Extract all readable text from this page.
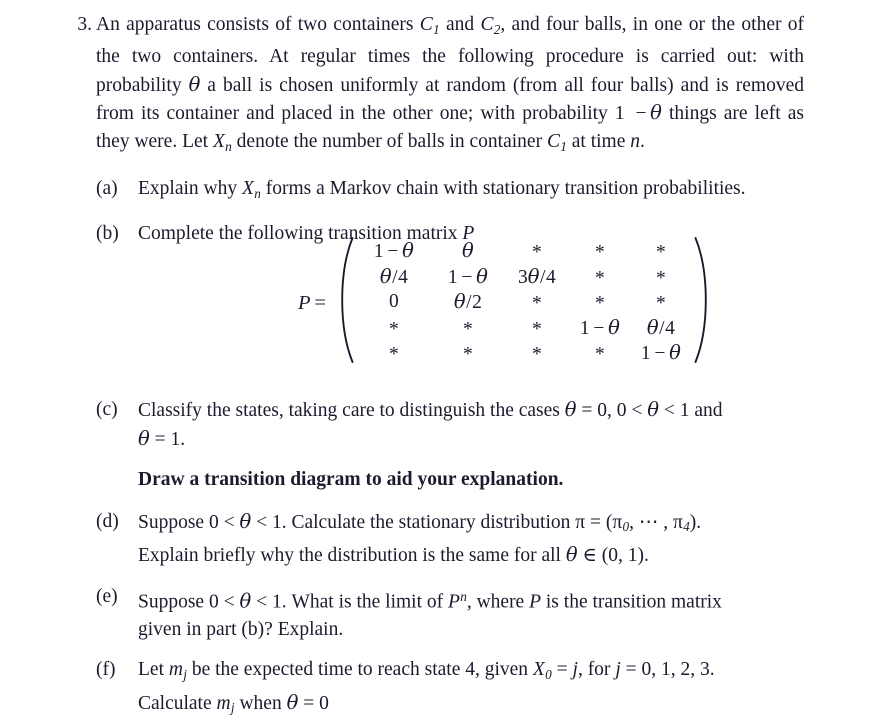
3. An apparatus consists of two containers $C_1$ and $C_2$, and four balls, in one or the other of the two containers. At regular times the following procedure is carried out: with probability θ a ball is chosen uniformly at random (from all four balls) and is removed from its container and placed in the other one; with probability 1 − θ things are left as they were. Let $X_n$ denote the number of balls in container $C_1$ at time n.
(a)	Explain why $X_n$ forms a Markov chain with stationary transition probabilities.
(b) Complete the following transition matrix P
P =
1 − θ	θ	*	*	*
θ/4	1 − θ	3θ/4	*	*
0	θ/2	*	*	*
*	*	*	1 − θ	θ/4
*	*	*	*	1 − θ
(c)	Classify the states, taking care to distinguish the cases θ = 0, 0 < θ < 1 and
θ = 1.
Draw a transition diagram to aid your explanation.
(d) Suppose 0 < θ < 1. Calculate the stationary distribution $\pi = (\pi_0$, ⋯ , $\pi_4$).
Explain briefly why the distribution is the same for all θ ∈ (0, 1).
(e)	Suppose 0 < θ < 1. What is the limit of $P^n$, where P is the transition matrix
given in part (b)? Explain.
(f)	Let $m_j$ be the expected time to reach state 4, given $X_0 = j$, for j = 0, 1, 2, 3.
Calculate $m_j$ when θ = 0
